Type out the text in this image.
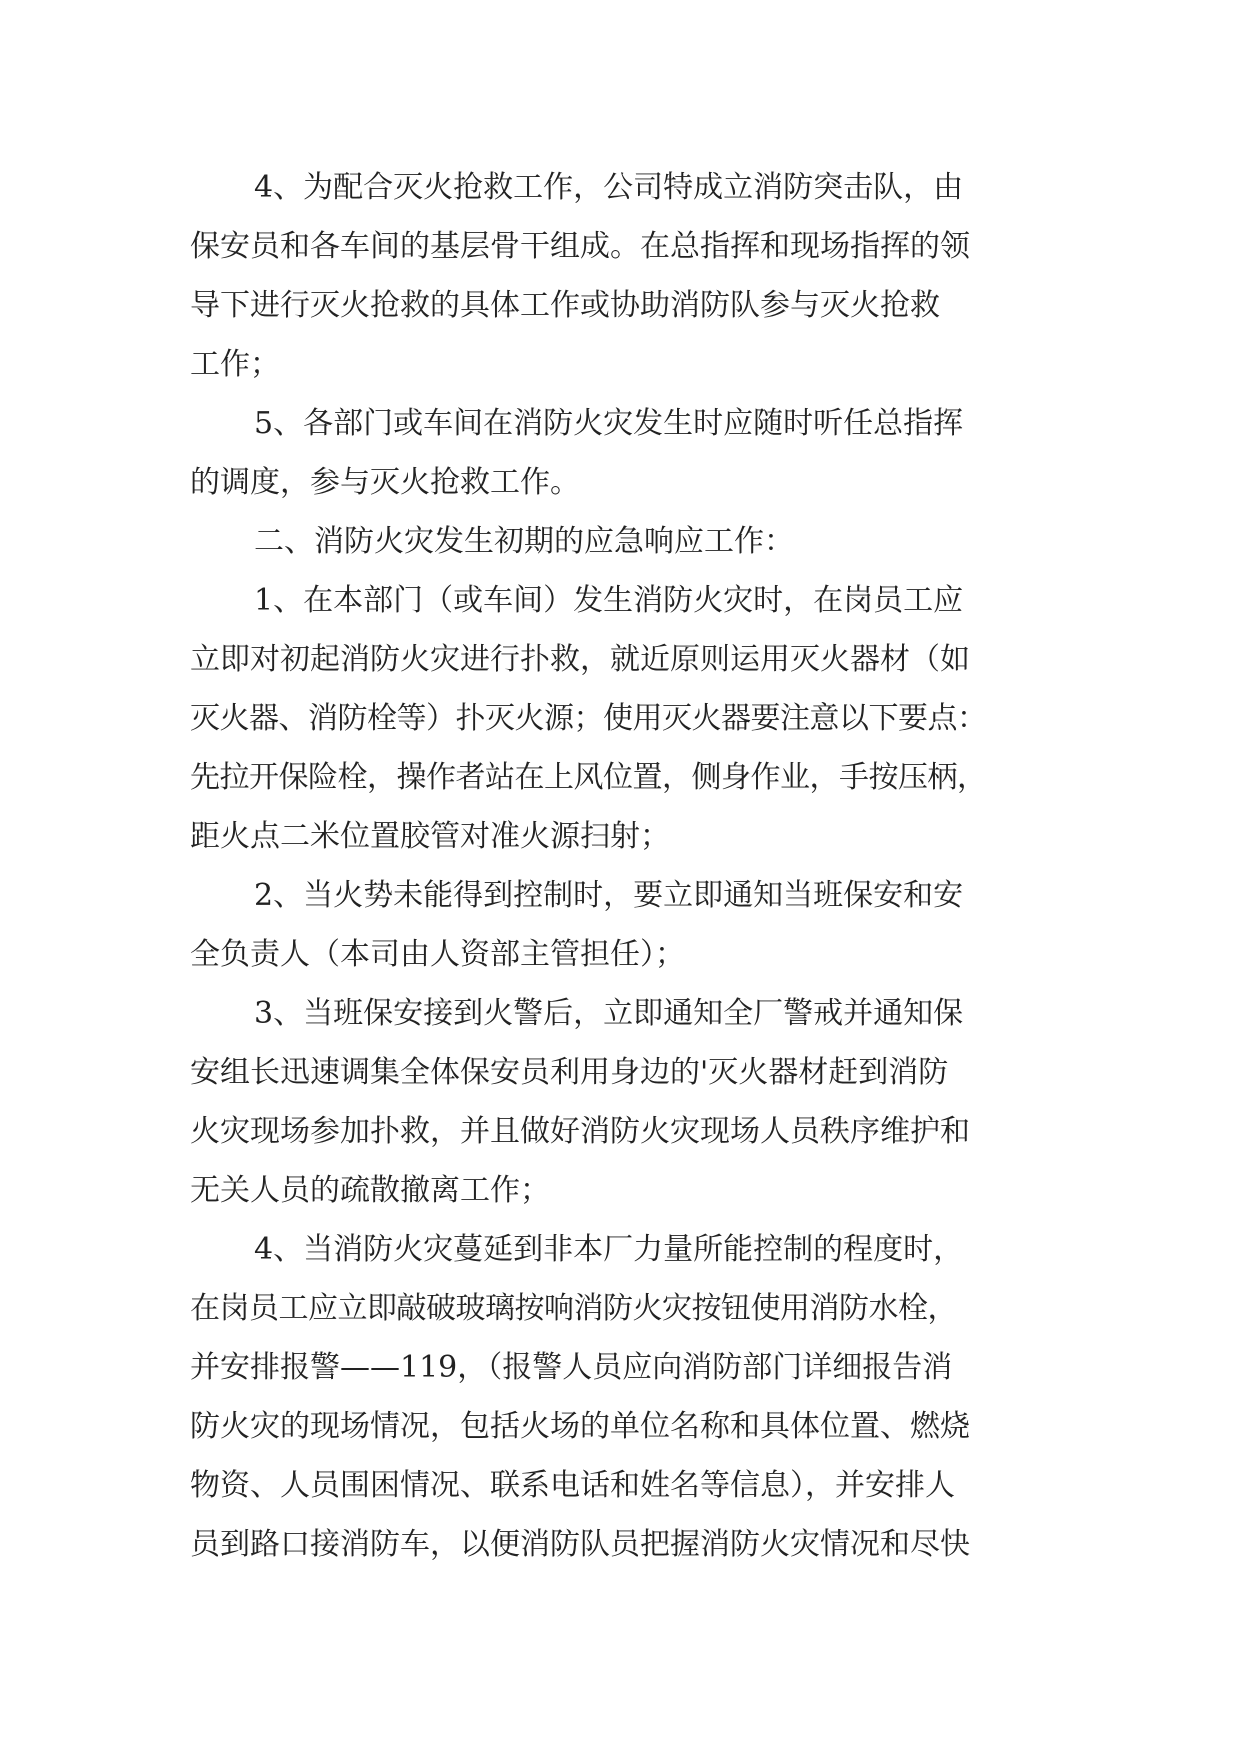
4、为配合灭火抢救工作，公司特成立消防突击队，由
保安员和各车间的基层骨干组成。在总指挥和现场指挥的领
导下进行灭火抢救的具体工作或协助消防队参与灭火抢救
工作；
5、各部门或车间在消防火灾发生时应随时听任总指挥
的调度，参与灭火抢救工作。
二、消防火灾发生初期的应急响应工作：
1、在本部门（或车间）发生消防火灾时，在岗员工应
立即对初起消防火灾进行扑救，就近原则运用灭火器材（如
灭火器、消防栓等）扑灭火源；使用灭火器要注意以下要点：
先拉开保险栓，操作者站在上风位置，侧身作业，手按压柄，
距火点二米位置胶管对准火源扫射；
2、当火势未能得到控制时，要立即通知当班保安和安
全负责人（本司由人资部主管担任）；
3、当班保安接到火警后，立即通知全厂警戒并通知保
安组长迅速调集全体保安员利用身边的'灭火器材赶到消防
火灾现场参加扑救，并且做好消防火灾现场人员秩序维护和
无关人员的疏散撤离工作；
4、当消防火灾蔓延到非本厂力量所能控制的程度时，
在岗员工应立即敲破玻璃按响消防火灾按钮使用消防水栓，
并安排报警——119，（报警人员应向消防部门详细报告消
防火灾的现场情况，包括火场的单位名称和具体位置、燃烧
物资、人员围困情况、联系电话和姓名等信息），并安排人
员到路口接消防车，以便消防队员把握消防火灾情况和尽快
